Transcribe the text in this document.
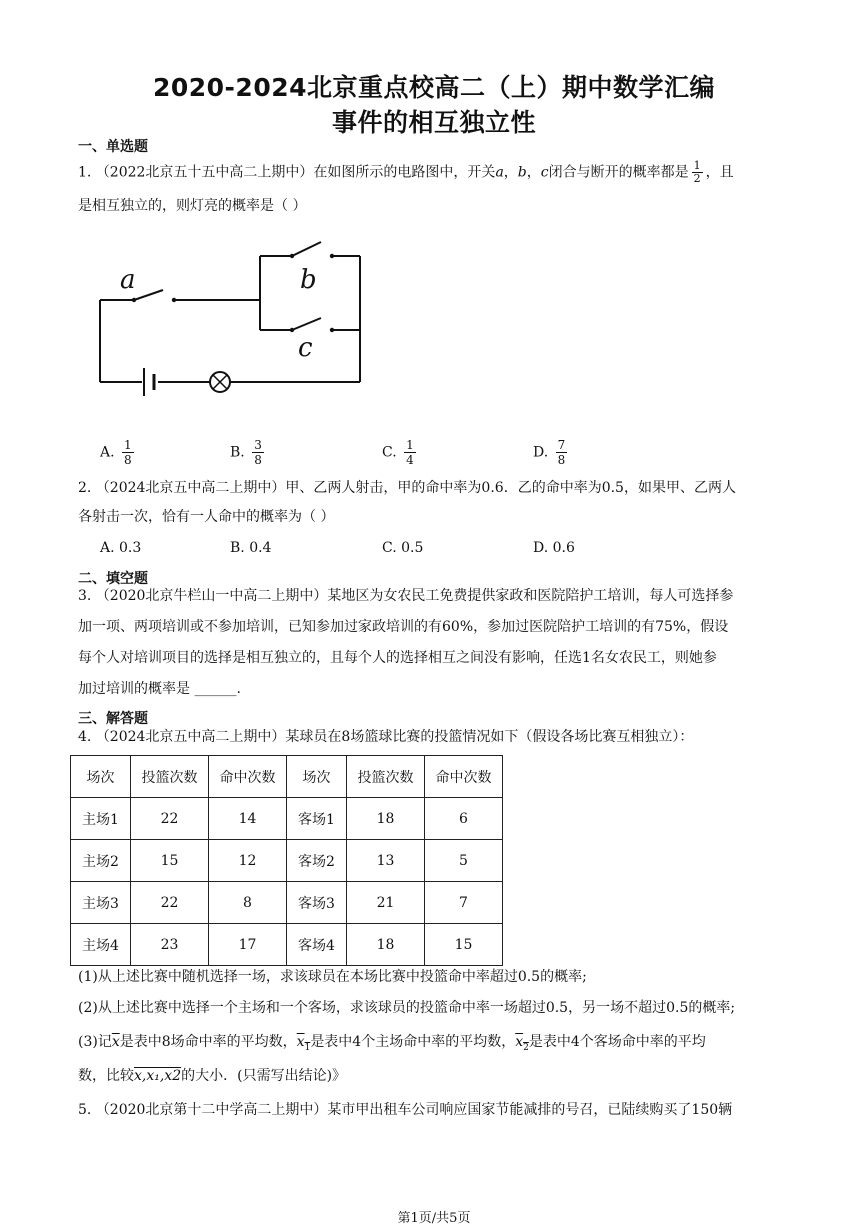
2020-2024北京重点校高二（上）期中数学汇编
事件的相互独立性
一、单选题
1. （2022北京五十五中高二上期中）在如图所示的电路图中，开关a，b，c闭合与断开的概率都是 $\frac{1}{2}$ ，且
是相互独立的，则灯亮的概率是（ ）
a	b
c
A. $\frac{1}{8}$	B. $\frac{3}{8}$	C. $\frac{1}{4}$	D. $\frac{7}{8}$
2. （2024北京五中高二上期中）甲、乙两人射击，甲的命中率为0.6．乙的命中率为0.5，如果甲、乙两人
各射击一次，恰有一人命中的概率为（ ）
A. 0.3	B. 0.4	C. 0.5	D. 0.6
二、填空题
3. （2020北京牛栏山一中高二上期中）某地区为女农民工免费提供家政和医院陪护工培训，每人可选择参
加一项、两项培训或不参加培训，已知参加过家政培训的有60%，参加过医院陪护工培训的有75%，假设
每个人对培训项目的选择是相互独立的，且每个人的选择相互之间没有影响，任选1名女农民工，则她参
加过培训的概率是 ______.
三、解答题
4. （2024北京五中高二上期中）某球员在8场篮球比赛的投篮情况如下（假设各场比赛互相独立）：
场次	投篮次数	命中次数	场次	投篮次数	命中次数
主场1	22	14	客场1	18	6
主场2	15	12	客场2	13	5
主场3	22	8	客场3	21	7
主场4	23	17	客场4	18	15
(1)从上述比赛中随机选择一场，求该球员在本场比赛中投篮命中率超过0.5的概率;
(2)从上述比赛中选择一个主场和一个客场，求该球员的投篮命中率一场超过0.5，另一场不超过0.5的概率;
(3)记$\overline{x}$是表中8场命中率的平均数，$x_1$是表中4个主场命中率的平均数，$x_2$是表中4个客场命中率的平均
数，比较x,x₁,x2的大小．(只需写出结论)》
5. （2020北京第十二中学高二上期中）某市甲出租车公司响应国家节能减排的号召，已陆续购买了150辆
第1页/共5页
